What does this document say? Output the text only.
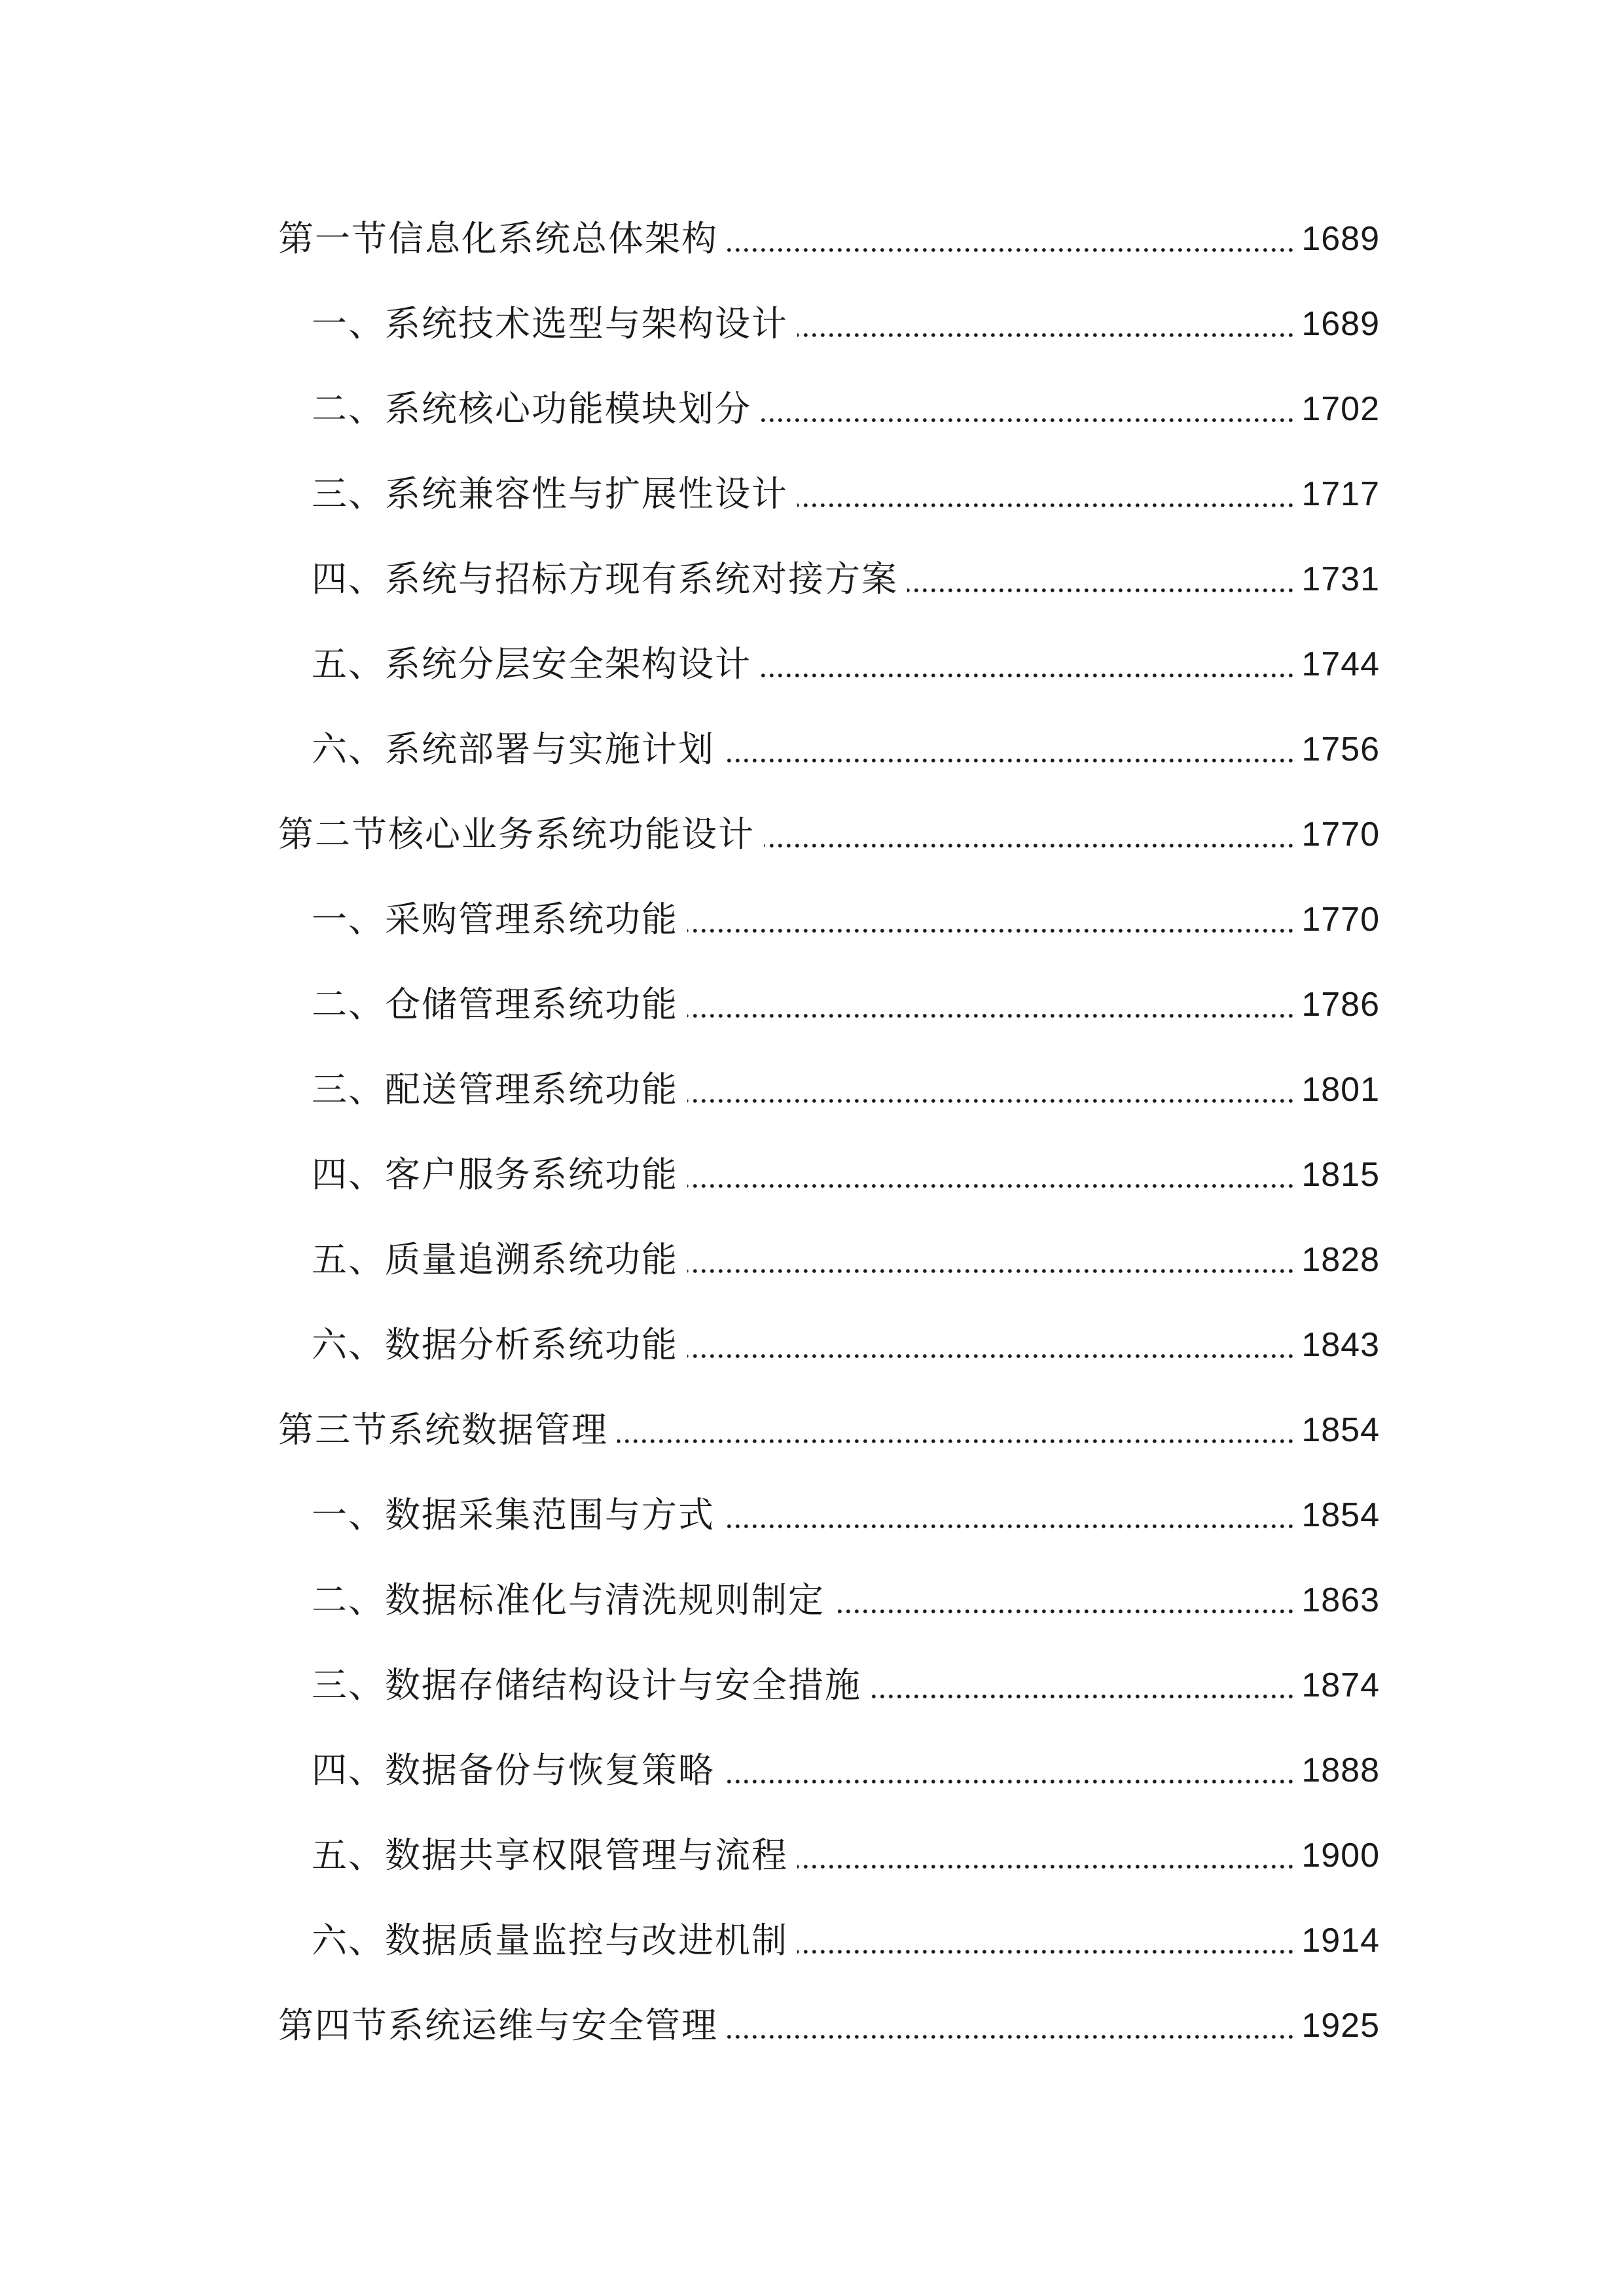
第一节信息化系统总体架构	1689
一、系统技术选型与架构设计	1689
二、系统核心功能模块划分	1702
三、系统兼容性与扩展性设计	1717
四、系统与招标方现有系统对接方案	1731
五、系统分层安全架构设计	1744
六、系统部署与实施计划	1756
第二节核心业务系统功能设计	1770
一、采购管理系统功能	1770
二、仓储管理系统功能	1786
三、配送管理系统功能	1801
四、客户服务系统功能	1815
五、质量追溯系统功能	1828
六、数据分析系统功能	1843
第三节系统数据管理	1854
一、数据采集范围与方式	1854
二、数据标准化与清洗规则制定	1863
三、数据存储结构设计与安全措施	1874
四、数据备份与恢复策略	1888
五、数据共享权限管理与流程	1900
六、数据质量监控与改进机制	1914
第四节系统运维与安全管理	1925
